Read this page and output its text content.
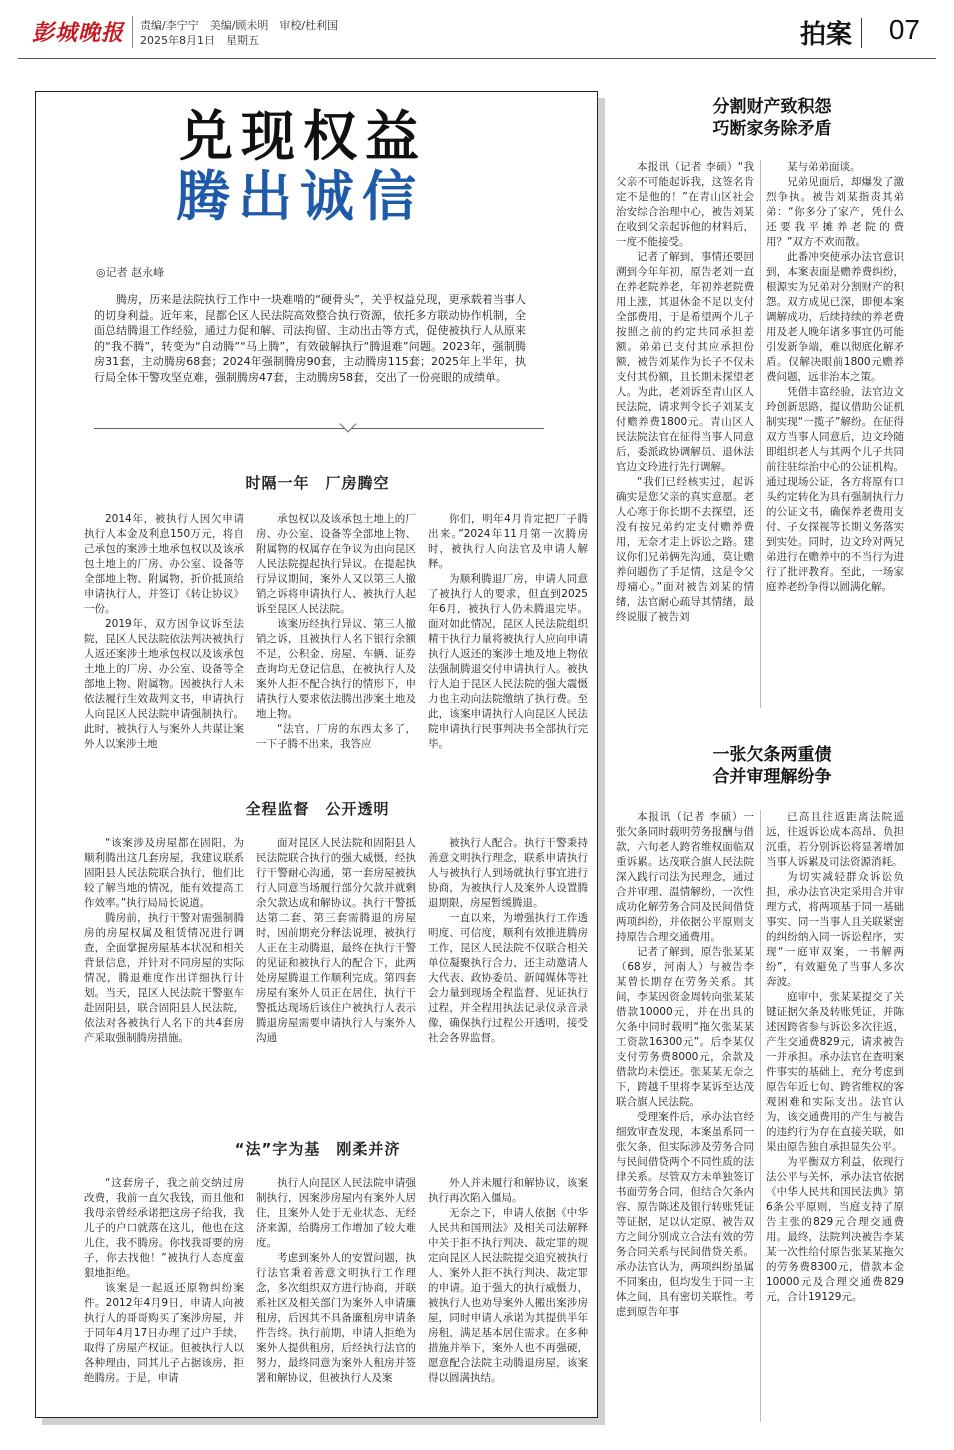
彭城晚报 责编/李宁宁　美编/顾未明　审校/杜利国
2025年8月1日　星期五	拍案 07
兑现权益
腾出诚信
◎记者 赵永峰
腾房，历来是法院执行工作中一块难啃的“硬骨头”，关乎权益兑现，更承载着当事人的切身利益。近年来，昆都仑区人民法院高效整合执行资源，依托多方联动协作机制，全面总结腾退工作经验，通过力促和解、司法拘留、主动出击等方式，促使被执行人从原来的“我不腾”，转变为“自动腾”“马上腾”，有效破解执行“腾退难”问题。2023年，强制腾房31套，主动腾房68套；2024年强制腾房90套，主动腾房115套；2025年上半年，执行局全体干警攻坚克难，强制腾房47套，主动腾房58套，交出了一份亮眼的成绩单。
时隔一年　厂房腾空

2014年，被执行人因欠申请执行人本金及利息150万元，将自己承包的案涉土地承包权以及该承包土地上的厂房、办公室、设备等全部地上物、附属物，折价抵顶给申请执行人，并签订《转让协议》一份。

2019年，双方因争议诉至法院，昆区人民法院依法判决被执行人返还案涉土地承包权以及该承包土地上的厂房、办公室、设备等全部地上物、附属物。因被执行人未依法履行生效裁判文书，申请执行人向昆区人民法院申请强制执行。此时，被执行人与案外人共谋让案外人以案涉土地

承包权以及该承包土地上的厂房、办公室、设备等全部地上物、附属物的权属存在争议为由向昆区人民法院提起执行异议。在提起执行异议期间，案外人又以第三人撤销之诉将申请执行人、被执行人起诉至昆区人民法院。

该案历经执行异议、第三人撤销之诉，且被执行人名下银行余额不足，公积金、房屋、车辆、证券查询均无登记信息，在被执行人及案外人拒不配合执行的情形下，申请执行人要求依法腾出涉案土地及地上物。

“法官，厂房的东西太多了，一下子腾不出来，我答应

你们，明年4月肯定把厂子腾出来。”2024年11月第一次腾房时，被执行人向法官及申请人解释。

为顺利腾退厂房，申请人同意了被执行人的要求，但直到2025年6月，被执行人仍未腾退完毕。面对如此情况，昆区人民法院组织精干执行力量将被执行人应向申请执行人返还的案涉土地及地上物依法强制腾退交付申请执行人。被执行人迫于昆区人民法院的强大震慑力也主动向法院缴纳了执行费。至此，该案申请执行人向昆区人民法院申请执行民事判决书全部执行完毕。

全程监督　公开透明

“该案涉及房屋都在固阳，为顺利腾出这几套房屋，我建议联系固阳县人民法院联合执行，他们比较了解当地的情况，能有效提高工作效率。”执行局局长说道。

腾房前，执行干警对需强制腾房的房屋权属及租赁情况进行调查，全面掌握房屋基本状况和相关背景信息，并针对不同房屋的实际情况，腾退难度作出详细执行计划。当天，昆区人民法院干警驱车赴固阳县，联合固阳县人民法院，依法对各被执行人名下的共4套房产采取强制腾房措施。

面对昆区人民法院和固阳县人民法院联合执行的强大威慑，经执行干警耐心沟通，第一套房屋被执行人同意当场履行部分欠款并就剩余欠款达成和解协议。执行干警抵达第二套、第三套需腾退的房屋时，因前期充分释法说理，被执行人正在主动腾退，最终在执行干警的见证和被执行人的配合下，此两处房屋腾退工作顺利完成。第四套房屋有案外人员正在居住，执行干警抵达现场后该住户被执行人表示腾退房屋需要申请执行人与案外人沟通

被执行人配合。执行干警秉持善意文明执行理念，联系申请执行人与被执行人到场就执行事宜进行协商，为被执行人及案外人设置腾退期限，房屋暂缓腾退。

一直以来，为增强执行工作透明度、可信度，顺利有效推进腾房工作，昆区人民法院不仅联合相关单位凝聚执行合力，还主动邀请人大代表、政协委员、新闻媒体等社会力量到现场全程监督、见证执行过程，并全程用执法记录仪录音录像，确保执行过程公开透明，接受社会各界监督。

“法”字为基　刚柔并济

“这套房子，我之前交纳过房改费，我前一直欠我钱，而且他和我母亲曾经承诺把这房子给我，我儿子的户口就落在这儿，他也在这儿住，我不腾房。你找我哥要的房子，你去找他！”被执行人态度蛮狠地拒绝。

该案是一起返还原物纠纷案件。2012年4月9日，申请人向被执行人的哥哥购买了案涉房屋，并于同年4月17日办理了过户手续，取得了房屋产权证。但被执行人以各种理由，同其儿子占据该房，拒绝腾房。于是，申请

执行人向昆区人民法院申请强制执行，因案涉房屋内有案外人居住，且案外人处于无业状态、无经济来源，给腾房工作增加了较大难度。

考虑到案外人的安置问题，执行法官秉着善意文明执行工作理念，多次组织双方进行协商，并联系社区及相关部门为案外人申请廉租房，后因其不具备廉租房申请条件告终。执行前期，申请人拒绝为案外人提供租房，后经执行法官的努力，最终同意为案外人租房并签署和解协议，但被执行人及案

外人并未履行和解协议，该案执行再次陷入僵局。

无奈之下，申请人依据《中华人民共和国刑法》及相关司法解释中关于拒不执行判决、裁定罪的规定向昆区人民法院提交追究被执行人、案外人拒不执行判决、裁定罪的申请。迫于强大的执行威慑力，被执行人也劝导案外人搬出案涉房屋，同时申请人承诺为其提供半年房租，满足基本居住需求。在多种措施并举下，案外人也不再强硬，愿意配合法院主动腾退房屋，该案得以圆满执结。

分割财产致积怨
巧断家务除矛盾

本报讯（记者 李硕）“我父亲不可能起诉我，这签名肯定不是他的！”在青山区社会治安综合治理中心，被告刘某在收到父亲起诉他的材料后，一度不能接受。

记者了解到，事情还要回溯到今年年初，原告老刘一直在养老院养老，年初养老院费用上涨，其退休金不足以支付全部费用，于是希望两个儿子按照之前的约定共同承担差额。弟弟已支付其应承担份额，被告刘某作为长子不仅未支付其份额，且长期未探望老人。为此，老刘诉至青山区人民法院，请求判令长子刘某支付赡养费1800元。青山区人民法院法官在征得当事人同意后，委派政协调解员、退休法官边文玲进行先行调解。

“我们已经核实过，起诉确实是您父亲的真实意愿。老人心寒于你长期不去探望，还没有按兄弟约定支付赡养费用，无奈才走上诉讼之路。建议你们兄弟俩先沟通，莫让赡养问题伤了手足情，这是令父母痛心。”面对被告刘某的情绪，法官耐心疏导其情绪，最终说服了被告刘

某与弟弟面谈。

兄弟见面后，却爆发了激烈争执。被告刘某指责其弟弟：“你多分了家产，凭什么还要我平摊养老院的费用？”双方不欢而散。

此番冲突使承办法官意识到，本案表面是赡养费纠纷，根源实为兄弟对分割财产的积怨。双方成见已深，即便本案调解成功，后续持续的养老费用及老人晚年诸多事宜仍可能引发新争端，难以彻底化解矛盾。仅解决眼前1800元赡养费问题，远非治本之策。

凭借丰富经验，法官边文玲创新思路，提议借助公证机制实现“一揽子”解纷。在征得双方当事人同意后，边文玲随即组织老人与其两个儿子共同前往驻综治中心的公证机构。通过现场公证，各方将原有口头约定转化为具有强制执行力的公证文书，确保养老费用支付、子女探视等长期义务落实到实处。同时，边文玲对两兄弟进行在赡养中的不当行为进行了批评教育。至此，一场家庭养老纷争得以圆满化解。

一张欠条两重债
合并审理解纷争

本报讯（记者 李硕）一张欠条同时载明劳务报酬与借款，六旬老人跨省维权面临双重诉累。达茂联合旗人民法院深入践行司法为民理念，通过合并审理、温情解纷，一次性成功化解劳务合同及民间借贷两项纠纷，并依据公平原则支持原告合理交通费用。

记者了解到，原告张某某（68岁，河南人）与被告李某曾长期存在劳务关系。其间，李某因资金周转向张某某借款10000元，并在出具的欠条中同时载明“拖欠张某某工资款16300元”。后李某仅支付劳务费8000元，余款及借款均未偿还。张某某无奈之下，跨越千里将李某诉至达茂联合旗人民法院。

受理案件后，承办法官经细致审查发现，本案虽系同一张欠条，但实际涉及劳务合同与民间借贷两个不同性质的法律关系。尽管双方未单独签订书面劳务合同，但结合欠条内容、原告陈述及银行转账凭证等证据，足以认定原、被告双方之间分别成立合法有效的劳务合同关系与民间借贷关系。承办法官认为，两项纠纷虽属不同案由，但均发生于同一主体之间，具有密切关联性。考虑到原告年事

已高且往返距离法院遥远，往返诉讼成本高昂、负担沉重，若分别诉讼将显著增加当事人诉累及司法资源消耗。

为切实减轻群众诉讼负担，承办法官决定采用合并审理方式，将两项基于同一基础事实、同一当事人且关联紧密的纠纷纳入同一诉讼程序，实现“一庭审双案，一书解两纷”，有效避免了当事人多次奔波。

庭审中，张某某提交了关键证据欠条及转账凭证，并陈述因跨省参与诉讼多次往返，产生交通费829元，请求被告一并承担。承办法官在查明案件事实的基础上，充分考虑到原告年近七旬、跨省维权的客观困难和实际支出。法官认为，该交通费用的产生与被告的违约行为存在直接关联，如果由原告独自承担显失公平。

为平衡双方利益，依现行法公平与关怀，承办法官依据《中华人民共和国民法典》第6条公平原则，当庭支持了原告主张的829元合理交通费用。最终，法院判决被告李某某一次性给付原告张某某拖欠的劳务费8300元，借款本金10000元及合理交通费829元，合计19129元。
